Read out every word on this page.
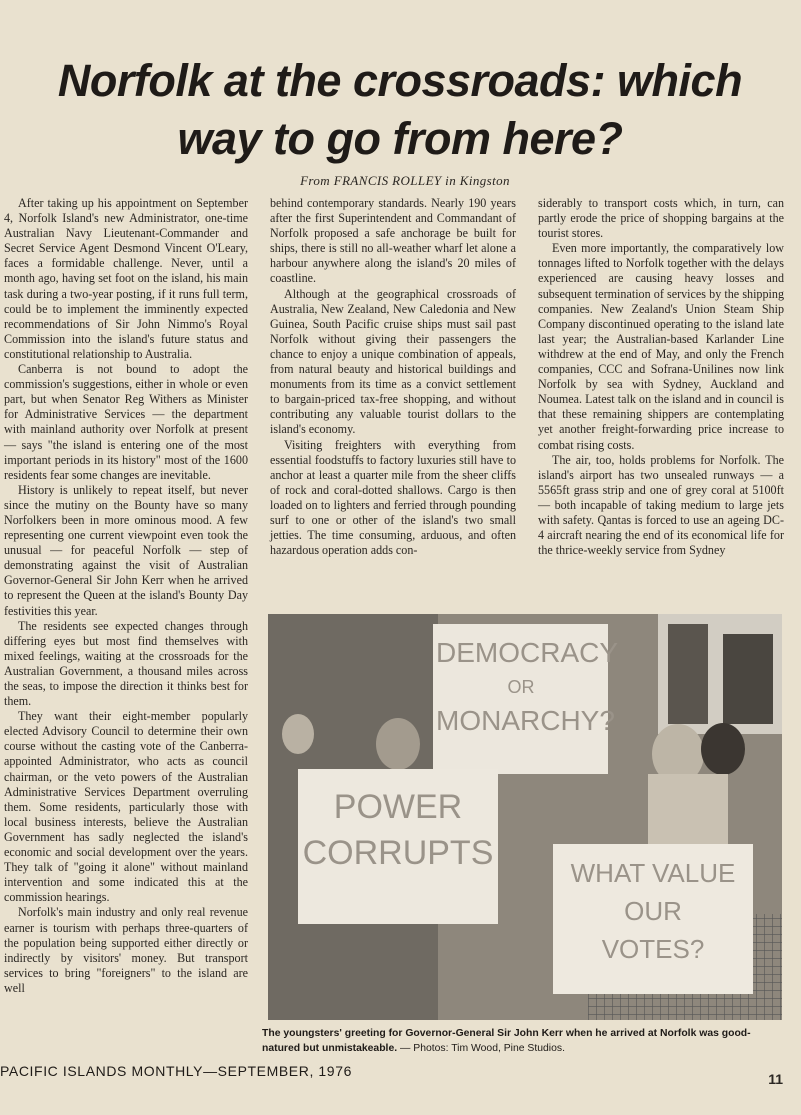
Norfolk at the crossroads: which way to go from here?
From FRANCIS ROLLEY in Kingston

After taking up his appointment on September 4, Norfolk Island's new Administrator, one-time Australian Navy Lieutenant-Commander and Secret Service Agent Desmond Vincent O'Leary, faces a formidable challenge. Never, until a month ago, having set foot on the island, his main task during a two-year posting, if it runs full term, could be to implement the imminently expected recommendations of Sir John Nimmo's Royal Commission into the island's future status and constitutional relationship to Australia.

Canberra is not bound to adopt the commission's suggestions, either in whole or even part, but when Senator Reg Withers as Minister for Administrative Services — the department with mainland authority over Norfolk at present — says "the island is entering one of the most important periods in its history" most of the 1600 residents fear some changes are inevitable.

History is unlikely to repeat itself, but never since the mutiny on the Bounty have so many Norfolkers been in more ominous mood. A few representing one current viewpoint even took the unusual — for peaceful Norfolk — step of demonstrating against the visit of Australian Governor-General Sir John Kerr when he arrived to represent the Queen at the island's Bounty Day festivities this year.

The residents see expected changes through differing eyes but most find themselves with mixed feelings, waiting at the crossroads for the Australian Government, a thousand miles across the seas, to impose the direction it thinks best for them.

They want their eight-member popularly elected Advisory Council to determine their own course without the casting vote of the Canberra-appointed Administrator, who acts as council chairman, or the veto powers of the Australian Administrative Services Department overruling them. Some residents, particularly those with local business interests, believe the Australian Government has sadly neglected the island's economic and social development over the years. They talk of "going it alone" without mainland intervention and some indicated this at the commission hearings.

Norfolk's main industry and only real revenue earner is tourism with perhaps three-quarters of the population being supported either directly or indirectly by visitors' money. But transport services to bring "foreigners" to the island are well

behind contemporary standards. Nearly 190 years after the first Superintendent and Commandant of Norfolk proposed a safe anchorage be built for ships, there is still no all-weather wharf let alone a harbour anywhere along the island's 20 miles of coastline.

Although at the geographical crossroads of Australia, New Zealand, New Caledonia and New Guinea, South Pacific cruise ships must sail past Norfolk without giving their passengers the chance to enjoy a unique combination of appeals, from natural beauty and historical buildings and monuments from its time as a convict settlement to bargain-priced tax-free shopping, and without contributing any valuable tourist dollars to the island's economy.

Visiting freighters with everything from essential foodstuffs to factory luxuries still have to anchor at least a quarter mile from the sheer cliffs of rock and coral-dotted shallows. Cargo is then loaded on to lighters and ferried through pounding surf to one or other of the island's two small jetties. The time consuming, arduous, and often hazardous operation adds con-

siderably to transport costs which, in turn, can partly erode the price of shopping bargains at the tourist stores.

Even more importantly, the comparatively low tonnages lifted to Norfolk together with the delays experienced are causing heavy losses and subsequent termination of services by the shipping companies. New Zealand's Union Steam Ship Company discontinued operating to the island late last year; the Australian-based Karlander Line withdrew at the end of May, and only the French companies, CCC and Sofrana-Unilines now link Norfolk by sea with Sydney, Auckland and Noumea. Latest talk on the island and in council is that these remaining shippers are contemplating yet another freight-forwarding price increase to combat rising costs.

The air, too, holds problems for Norfolk. The island's airport has two unsealed runways — a 5565ft grass strip and one of grey coral at 5100ft — both incapable of taking medium to large jets with safety. Qantas is forced to use an ageing DC-4 aircraft nearing the end of its economical life for the thrice-weekly service from Sydney

DEMOCRACY
OR
MONARCHY?
POWER
CORRUPTS
WHAT VALUE
OUR
VOTES?
The youngsters' greeting for Governor-General Sir John Kerr when he arrived at Norfolk was good-natured but unmistakeable. — Photos: Tim Wood, Pine Studios.
PACIFIC ISLANDS MONTHLY—SEPTEMBER, 1976	11
